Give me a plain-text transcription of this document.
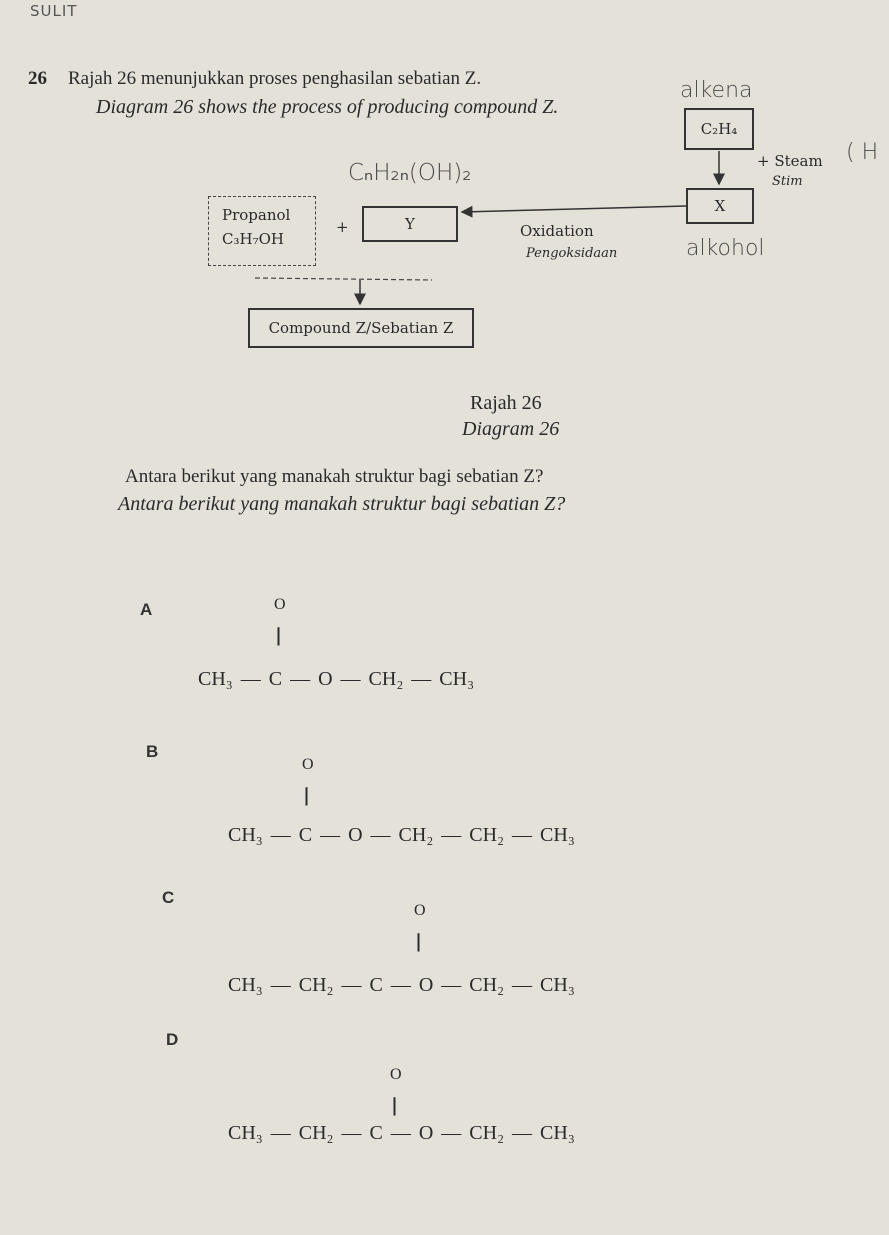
SULIT
26 Rajah 26 menunjukkan proses penghasilan sebatian Z.
Diagram 26 shows the process of producing compound Z.
alkena
CₙH₂ₙ(OH)₂
alkohol
( H
C₂H₄
+ Steam
Stim
X
Y	Oxidation
Pengoksidaan
Propanol
C₃H₇OH
+
Compound Z/Sebatian Z
Rajah 26
Diagram 26
Antara berikut yang manakah struktur bagi sebatian Z?
Antara berikut yang manakah struktur bagi sebatian Z?
A	O
||
CH₃ — C — O — CH₂ — CH₃
B
O
||
CH₃ — C — O — CH₂ — CH₂ — CH₃
C
O
||
CH₃ — CH₂ — C — O — CH₂ — CH₃
D
O
||
CH₃ — CH₂ — C — O — CH₂ — CH₃
